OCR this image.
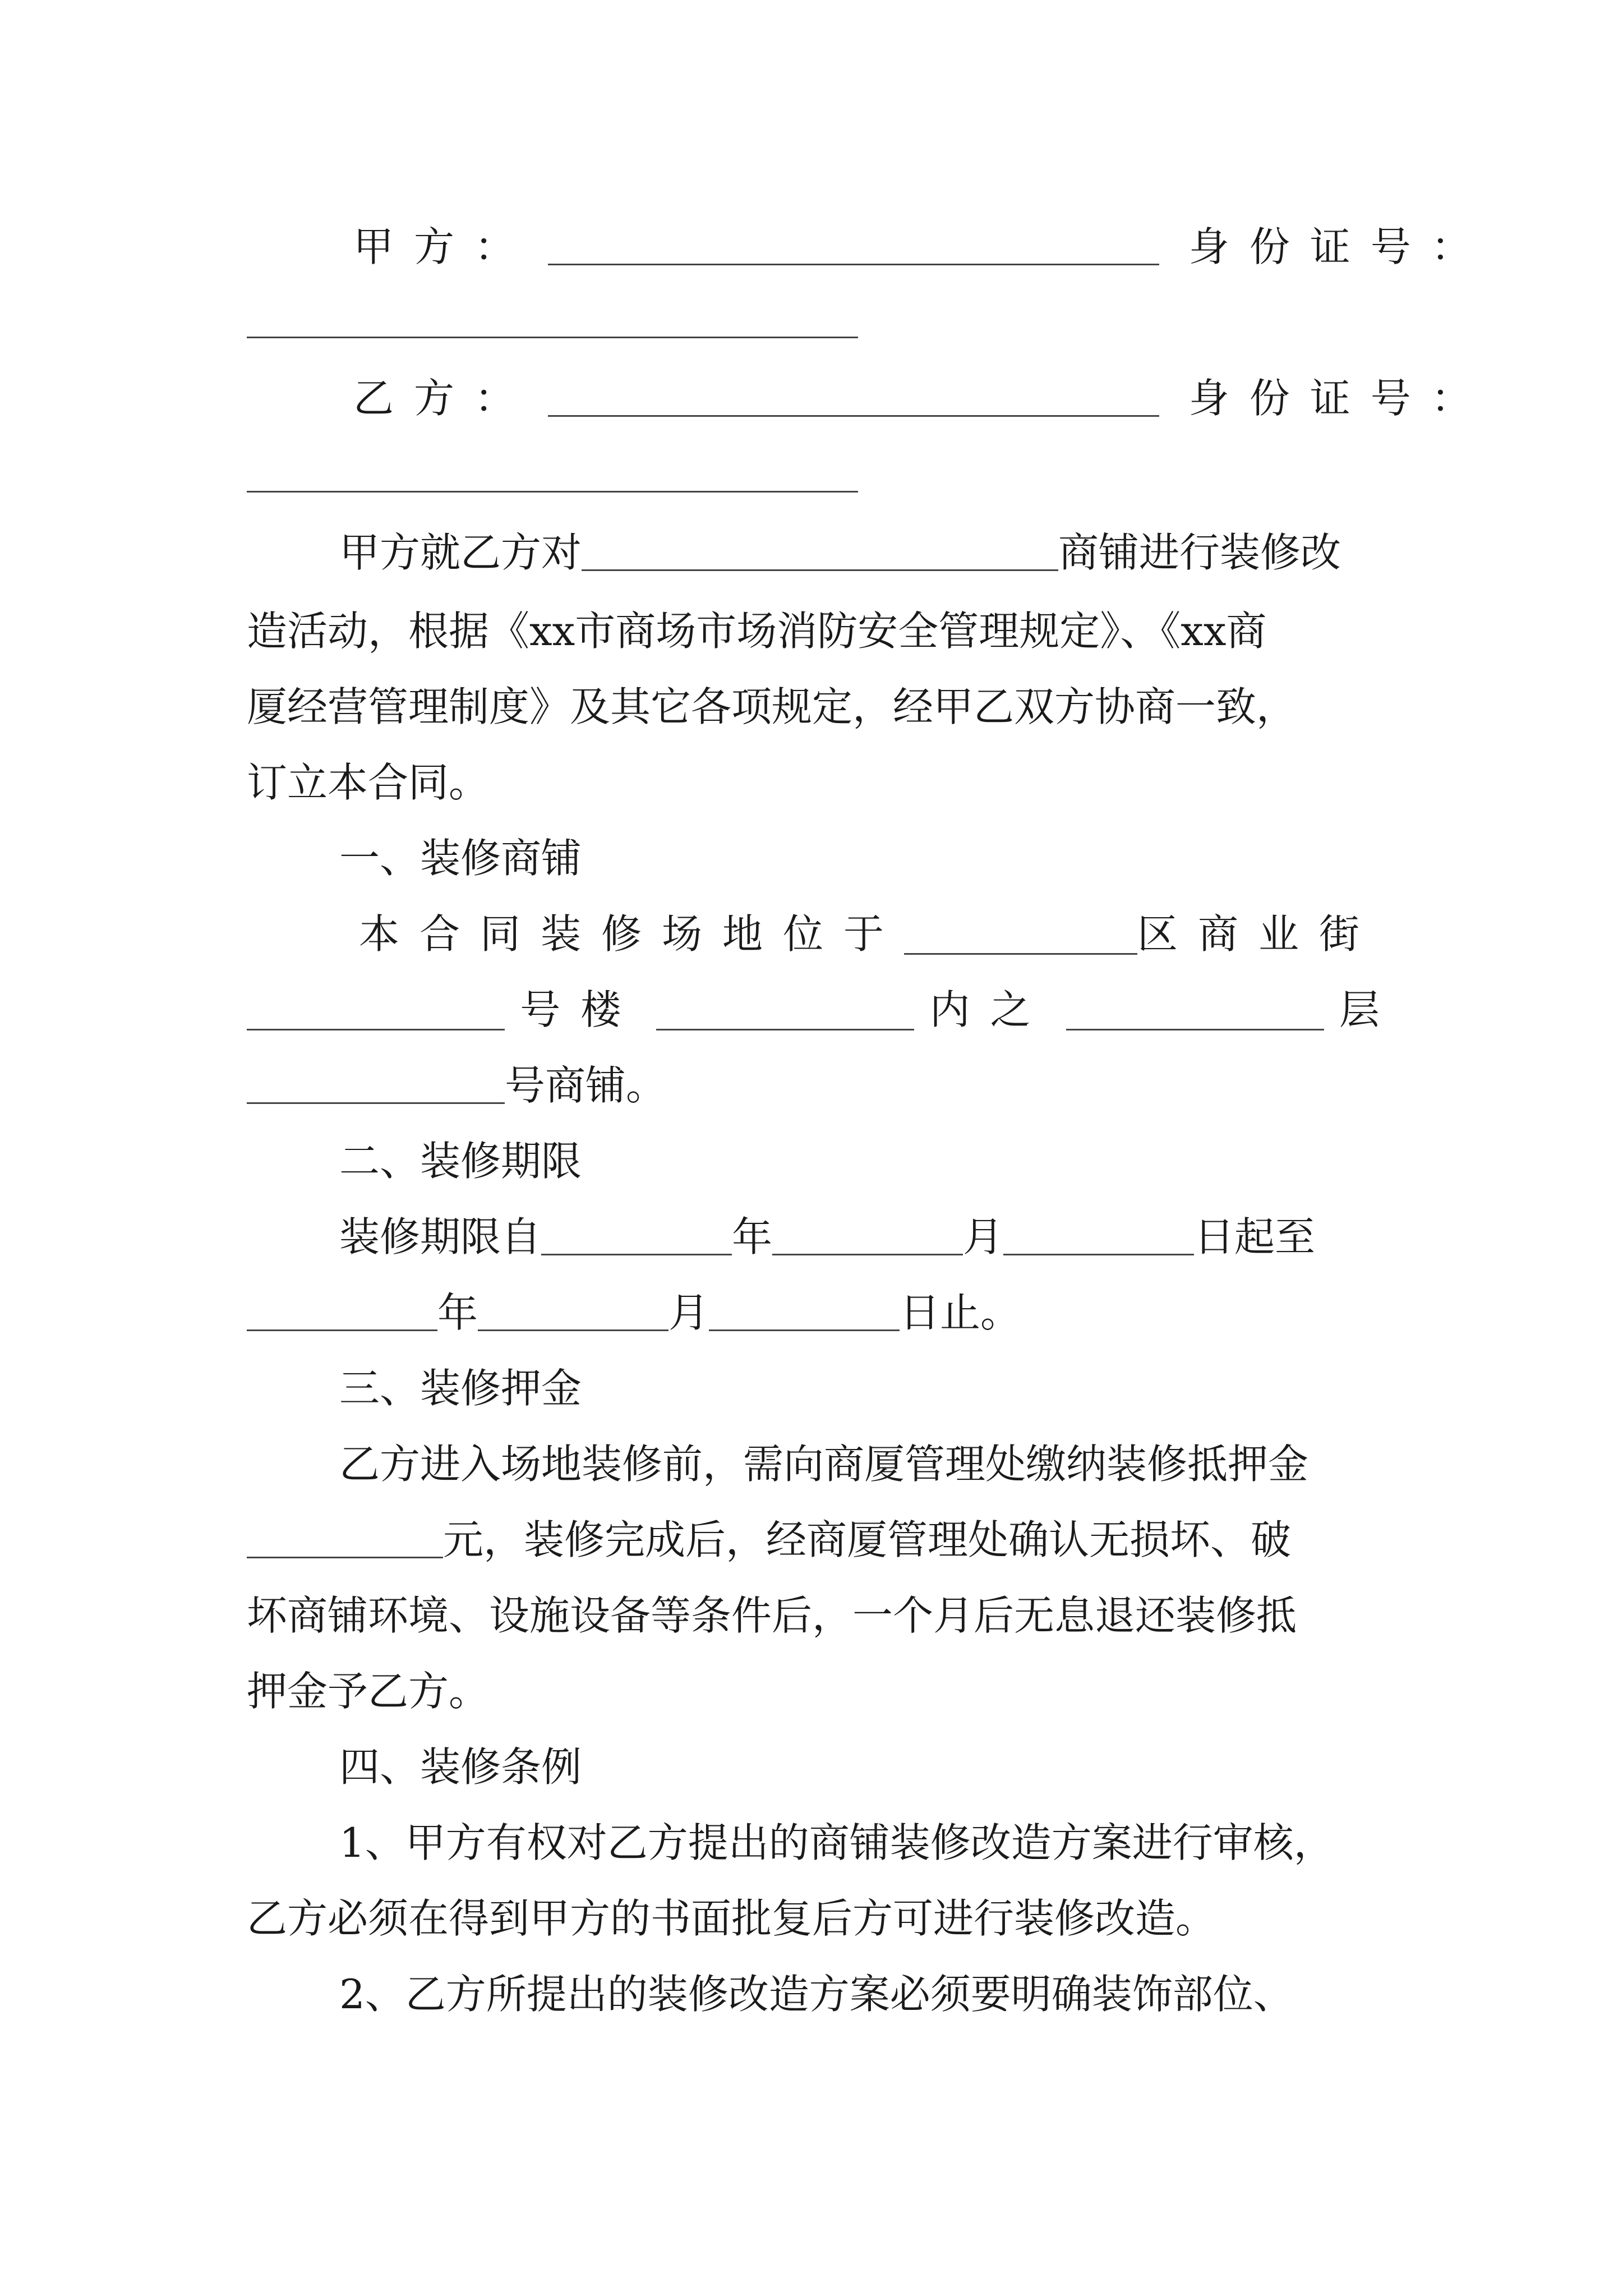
甲方：	身份证号：
乙方：	身份证号：
甲方就乙方对	商铺进行装修改
造活动，根据《xx市商场市场消防安全管理规定》、《xx商
厦经营管理制度》及其它各项规定，经甲乙双方协商一致，
订立本合同。
一、装修商铺
本合同装修场地位于	区商业街
号楼	内之	层
号商铺。
二、装修期限
装修期限自	年	月	日起至
年	月	日止。
三、装修押金
乙方进入场地装修前，需向商厦管理处缴纳装修抵押金
元，装修完成后，经商厦管理处确认无损坏、破
坏商铺环境、设施设备等条件后，一个月后无息退还装修抵
押金予乙方。
四、装修条例
1、甲方有权对乙方提出的商铺装修改造方案进行审核，
乙方必须在得到甲方的书面批复后方可进行装修改造。
2、乙方所提出的装修改造方案必须要明确装饰部位、
